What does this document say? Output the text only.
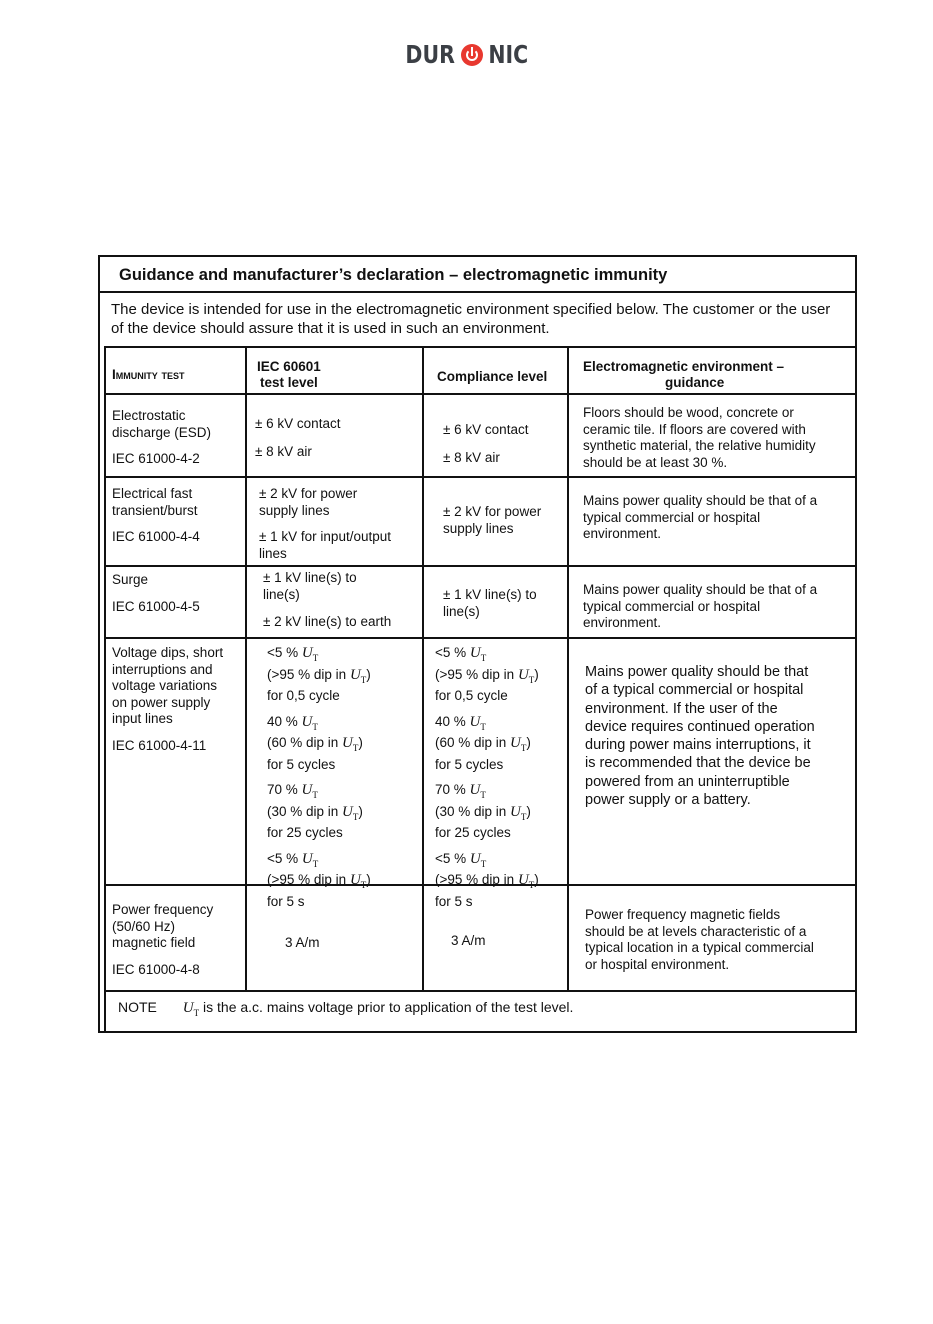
DUR NIC
Guidance and manufacturer’s declaration – electromagnetic immunity
The device is intended for use in the electromagnetic environment specified below. The customer or the user of the device should assure that it is used in such an environment.
Immunity test
IEC 60601
test level	Compliance level
Electromagnetic environment –
guidance
Electrostatic
discharge (ESD)
IEC 61000-4-2
± 6 kV contact
± 8 kV air
± 6 kV contact
± 8 kV air
Floors should be wood, concrete or
ceramic tile. If floors are covered with
synthetic material, the relative humidity
should be at least 30 %.
Electrical fast
transient/burst
IEC 61000-4-4
± 2 kV for power
supply lines
± 1 kV for input/output
lines
± 2 kV for power
supply lines
Mains power quality should be that of a
typical commercial or hospital
environment.
Surge
IEC 61000-4-5
± 1 kV line(s) to
line(s)
± 2 kV line(s) to earth
± 1 kV line(s) to
line(s)
Mains power quality should be that of a
typical commercial or hospital
environment.
Voltage dips, short
interruptions and
voltage variations
on power supply
input lines
IEC 61000-4-11
<5 % $U_T$
(>95 % dip in $U_T$)
for 0,5 cycle
40 % $U_T$
(60 % dip in $U_T$)
for 5 cycles
70 % $U_T$
(30 % dip in $U_T$)
for 25 cycles
<5 % $U_T$
(>95 % dip in $U_T$)
for 5 s
<5 % $U_T$
(>95 % dip in $U_T$)
for 0,5 cycle
40 % $U_T$
(60 % dip in $U_T$)
for 5 cycles
70 % $U_T$
(30 % dip in $U_T$)
for 25 cycles
<5 % $U_T$
(>95 % dip in $U_T$)
for 5 s
Mains power quality should be that
of a typical commercial or hospital
environment. If the user of the
device requires continued operation
during power mains interruptions, it
is recommended that the device be
powered from an uninterruptible
power supply or a battery.
Power frequency
(50/60 Hz)
magnetic field
IEC 61000-4-8
3 A/m	3 A/m
Power frequency magnetic fields
should be at levels characteristic of a
typical location in a typical commercial
or hospital environment.
NOTE $U_T$ is the a.c. mains voltage prior to application of the test level.
